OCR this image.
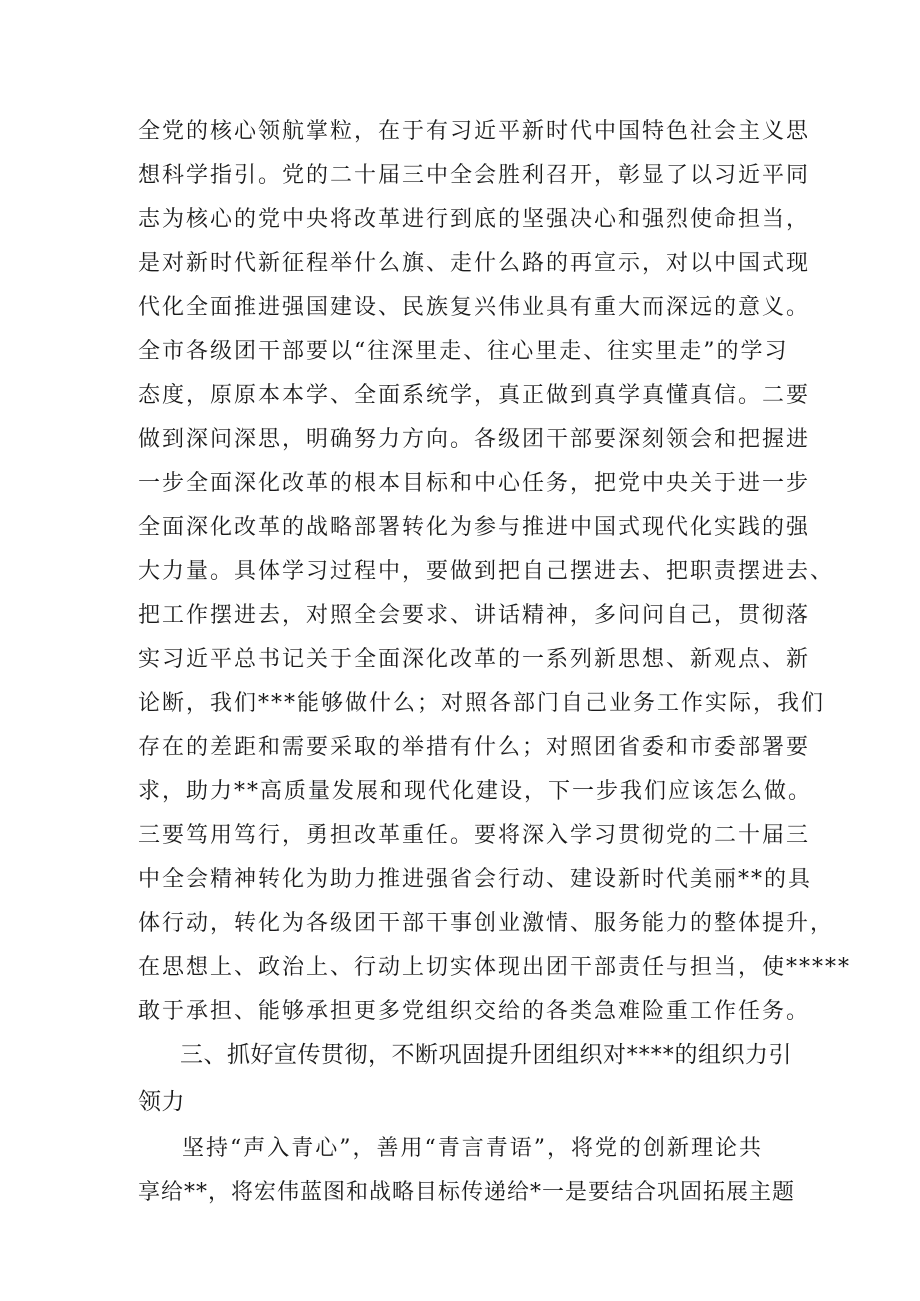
全党的核心领航掌粒，在于有习近平新时代中国特色社会主义思
想科学指引。党的二十届三中全会胜利召开，彰显了以习近平同
志为核心的党中央将改革进行到底的坚强决心和强烈使命担当，
是对新时代新征程举什么旗、走什么路的再宣示，对以中国式现
代化全面推进强国建设、民族复兴伟业具有重大而深远的意义。
全市各级团干部要以“往深里走、往心里走、往实里走”的学习
态度，原原本本学、全面系统学，真正做到真学真懂真信。二要
做到深问深思，明确努力方向。各级团干部要深刻领会和把握进
一步全面深化改革的根本目标和中心任务，把党中央关于进一步
全面深化改革的战略部署转化为参与推进中国式现代化实践的强
大力量。具体学习过程中，要做到把自己摆进去、把职责摆进去、
把工作摆进去，对照全会要求、讲话精神，多问问自己，贯彻落
实习近平总书记关于全面深化改革的一系列新思想、新观点、新
论断，我们***能够做什么；对照各部门自己业务工作实际，我们
存在的差距和需要采取的举措有什么；对照团省委和市委部署要
求，助力**高质量发展和现代化建设，下一步我们应该怎么做。
三要笃用笃行，勇担改革重任。要将深入学习贯彻党的二十届三
中全会精神转化为助力推进强省会行动、建设新时代美丽**的具
体行动，转化为各级团干部干事创业激情、服务能力的整体提升，
在思想上、政治上、行动上切实体现出团干部责任与担当，使*****
敢于承担、能够承担更多党组织交给的各类急难险重工作任务。
三、抓好宣传贯彻，不断巩固提升团组织对****的组织力引
领力
坚持“声入青心”，善用“青言青语”，将党的创新理论共
享给**，将宏伟蓝图和战略目标传递给*一是要结合巩固拓展主题
